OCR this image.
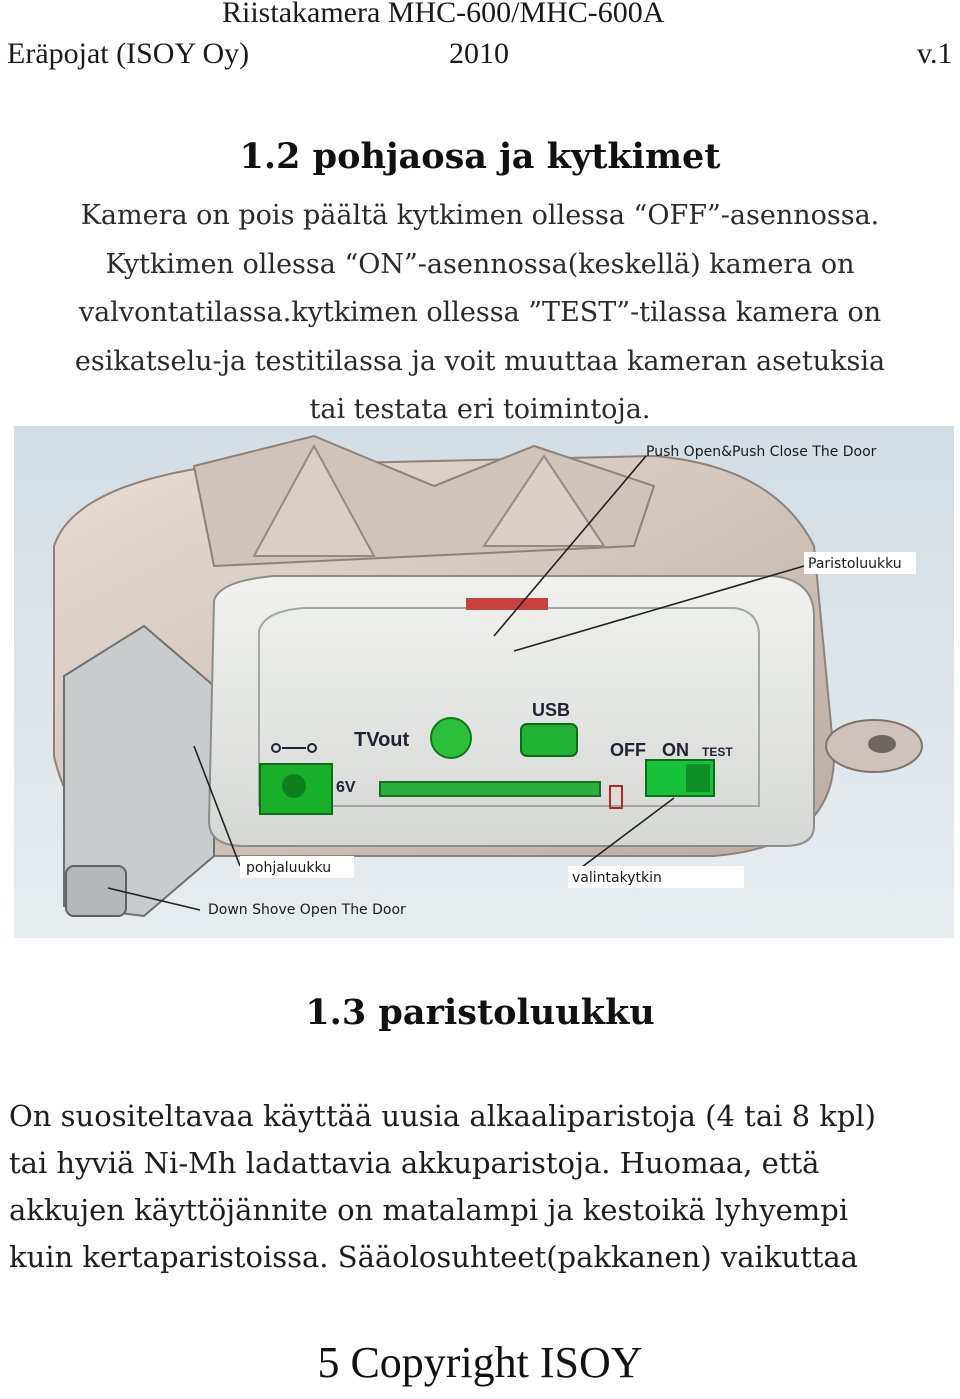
Riistakamera MHC-600/MHC-600A
Eräpojat (ISOY Oy)	2010	v.1
1.2 pohjaosa ja kytkimet
Kamera on pois päältä kytkimen ollessa “OFF”-asennossa.
Kytkimen ollessa “ON”-asennossa(keskellä) kamera on
valvontatilassa.kytkimen ollessa ”TEST”-tilassa kamera on
esikatselu-ja testitilassa ja voit muuttaa kameran asetuksia
tai testata eri toimintoja.
TVout
USB
OFF ON TEST
6V
Push Open&Push Close The Door
Paristoluukku
pohjaluukku
valintakytkin
Down Shove Open The Door
1.3 paristoluukku
On suositeltavaa käyttää uusia alkaaliparistoja (4 tai 8 kpl)
tai hyviä Ni-Mh ladattavia akkuparistoja. Huomaa, että
akkujen käyttöjännite on matalampi ja kestoikä lyhyempi
kuin kertaparistoissa. Sääolosuhteet(pakkanen) vaikuttaa
5 Copyright ISOY
